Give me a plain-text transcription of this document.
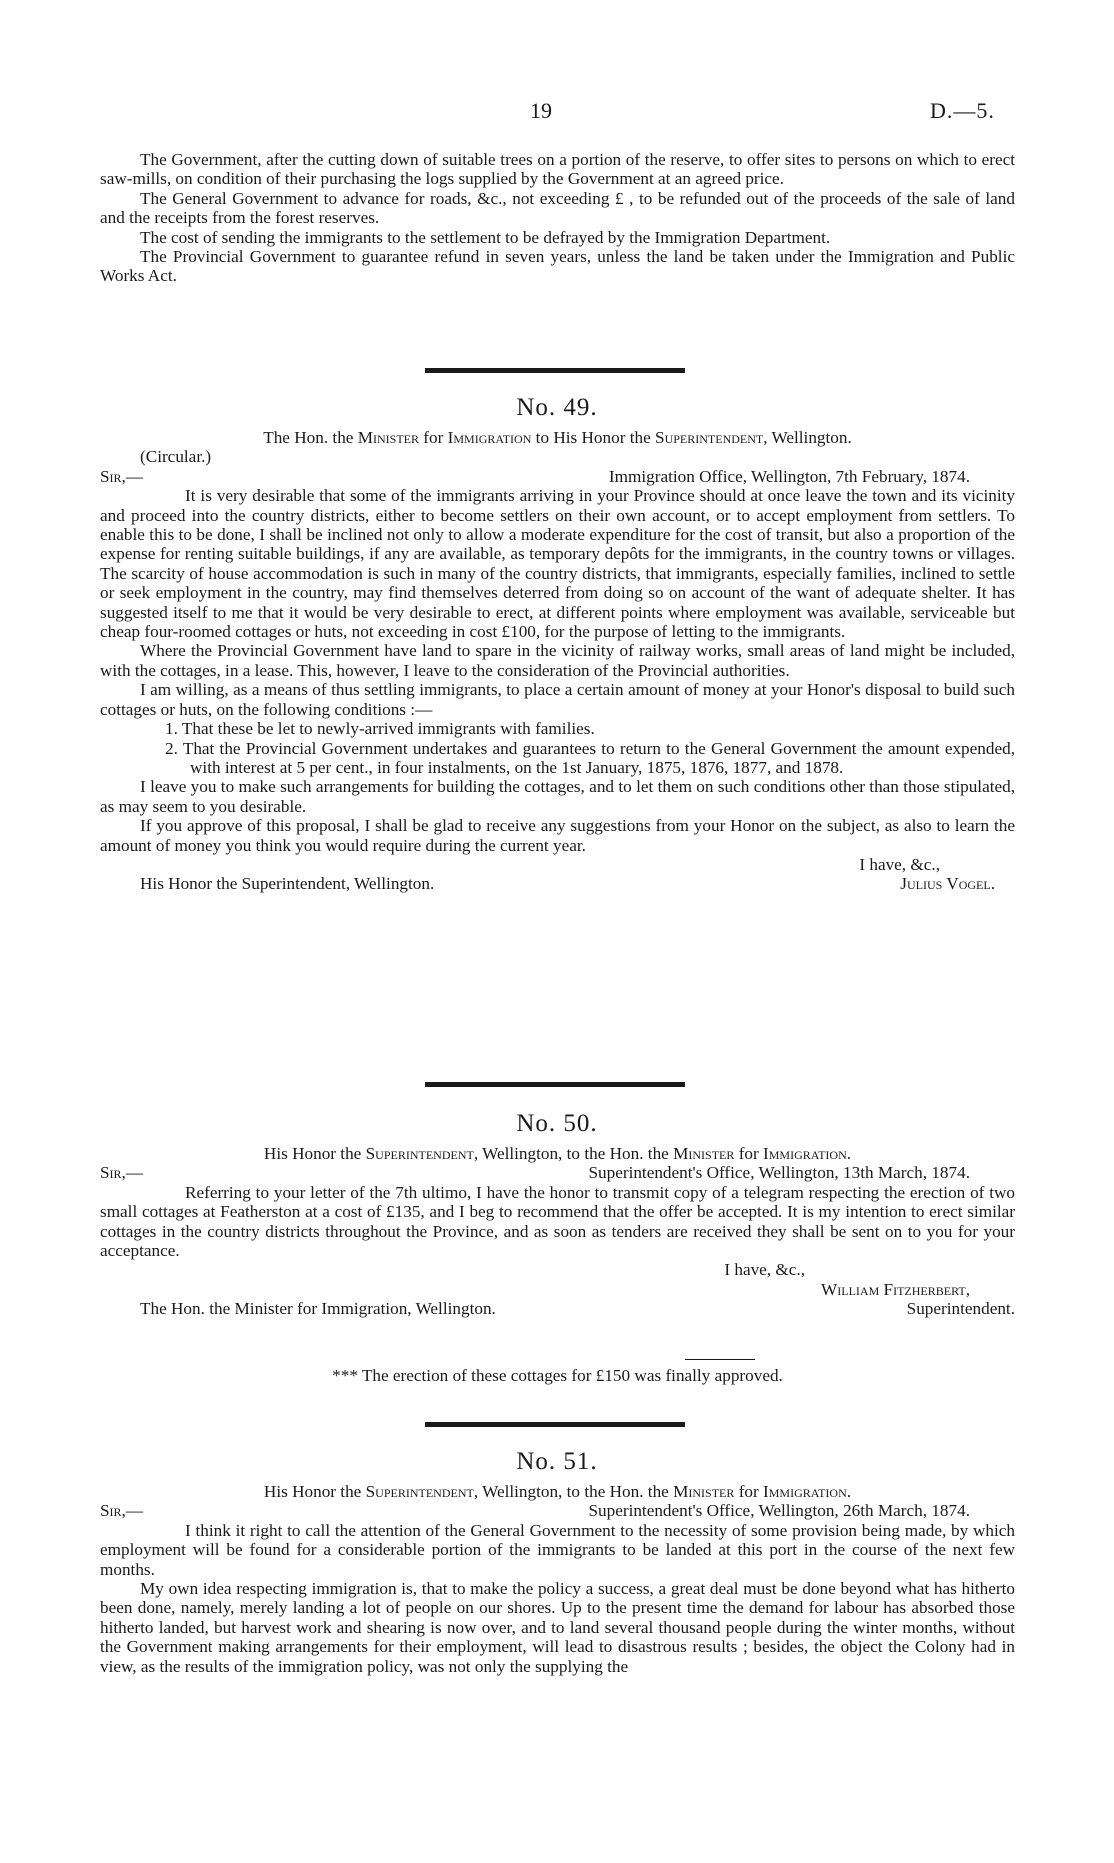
19	D.—5.

The Government, after the cutting down of suitable trees on a portion of the reserve, to offer sites to persons on which to erect saw-mills, on condition of their purchasing the logs supplied by the Government at an agreed price.

The General Government to advance for roads, &c., not exceeding £ , to be refunded out of the proceeds of the sale of land and the receipts from the forest reserves.

The cost of sending the immigrants to the settlement to be defrayed by the Immigration Department.

The Provincial Government to guarantee refund in seven years, unless the land be taken under the Immigration and Public Works Act.

No. 49.

The Hon. the Minister for Immigration to His Honor the Superintendent, Wellington.

(Circular.)

Sir,—	Immigration Office, Wellington, 7th February, 1874.

It is very desirable that some of the immigrants arriving in your Province should at once leave the town and its vicinity and proceed into the country districts, either to become settlers on their own account, or to accept employment from settlers. To enable this to be done, I shall be inclined not only to allow a moderate expenditure for the cost of transit, but also a proportion of the expense for renting suitable buildings, if any are available, as temporary depôts for the immigrants, in the country towns or villages. The scarcity of house accommodation is such in many of the country districts, that immigrants, especially families, inclined to settle or seek employment in the country, may find themselves deterred from doing so on account of the want of adequate shelter. It has suggested itself to me that it would be very desirable to erect, at different points where employment was available, serviceable but cheap four-roomed cottages or huts, not exceeding in cost £100, for the purpose of letting to the immigrants.

Where the Provincial Government have land to spare in the vicinity of railway works, small areas of land might be included, with the cottages, in a lease. This, however, I leave to the consideration of the Provincial authorities.

I am willing, as a means of thus settling immigrants, to place a certain amount of money at your Honor's disposal to build such cottages or huts, on the following conditions :—

1. That these be let to newly-arrived immigrants with families.

2. That the Provincial Government undertakes and guarantees to return to the General Government the amount expended, with interest at 5 per cent., in four instalments, on the 1st January, 1875, 1876, 1877, and 1878.

I leave you to make such arrangements for building the cottages, and to let them on such conditions other than those stipulated, as may seem to you desirable.

If you approve of this proposal, I shall be glad to receive any suggestions from your Honor on the subject, as also to learn the amount of money you think you would require during the current year.

I have, &c.,

His Honor the Superintendent, Wellington.	Julius Vogel.
No. 50.

His Honor the Superintendent, Wellington, to the Hon. the Minister for Immigration.

Sir,—	Superintendent's Office, Wellington, 13th March, 1874.

Referring to your letter of the 7th ultimo, I have the honor to transmit copy of a telegram respecting the erection of two small cottages at Featherston at a cost of £135, and I beg to recommend that the offer be accepted. It is my intention to erect similar cottages in the country districts throughout the Province, and as soon as tenders are received they shall be sent on to you for your acceptance.

I have, &c.,

William Fitzherbert,

The Hon. the Minister for Immigration, Wellington.	Superintendent.
*** The erection of these cottages for £150 was finally approved.
No. 51.

His Honor the Superintendent, Wellington, to the Hon. the Minister for Immigration.

Sir,—	Superintendent's Office, Wellington, 26th March, 1874.

I think it right to call the attention of the General Government to the necessity of some provision being made, by which employment will be found for a considerable portion of the immigrants to be landed at this port in the course of the next few months.

My own idea respecting immigration is, that to make the policy a success, a great deal must be done beyond what has hitherto been done, namely, merely landing a lot of people on our shores. Up to the present time the demand for labour has absorbed those hitherto landed, but harvest work and shearing is now over, and to land several thousand people during the winter months, without the Government making arrangements for their employment, will lead to disastrous results ; besides, the object the Colony had in view, as the results of the immigration policy, was not only the supplying the
